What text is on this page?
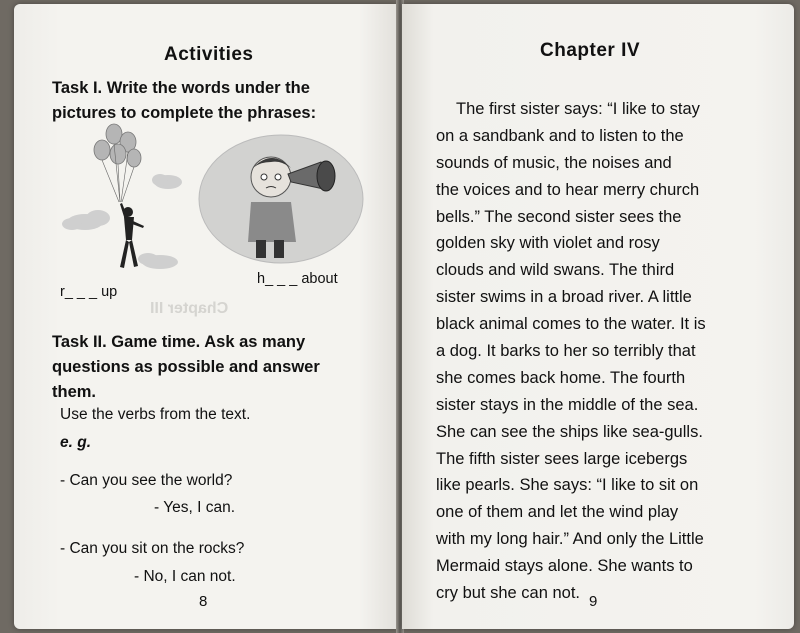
Activities
Task I. Write the words under the
pictures to complete the phrases:
r_ _ _ up
h_ _ _ about
Chapter III
Task II. Game time. Ask as many
questions as possible and answer
them.
Use the verbs from the text.
e. g.
- Can you see the world?
- Yes, I can.
- Can you sit on the rocks?
- No, I can not.
8
Chapter IV
The first sister says: “I like to stay
on a sandbank and to listen to the
sounds of music, the noises and
the voices and to hear merry church
bells.” The second sister sees the
golden sky with violet and rosy
clouds and wild swans. The third
sister swims in a broad river. A little
black animal comes to the water. It is
a dog. It barks to her so terribly that
she comes back home. The fourth
sister stays in the middle of the sea.
She can see the ships like sea-gulls.
The fifth sister sees large icebergs
like pearls. She says: “I like to sit on
one of them and let the wind play
with my long hair.” And only the Little
Mermaid stays alone. She wants to
cry but she can not. 9
